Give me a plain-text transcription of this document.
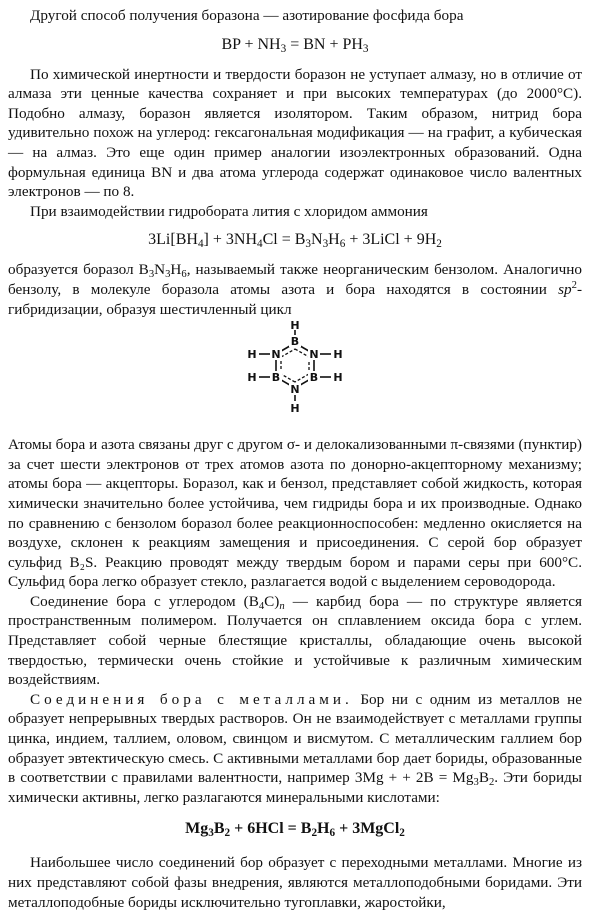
Другой способ получения боразона — азотирование фосфида бора

BP + $NH_3$ = BN + $PH_3$

По химической инертности и твердости боразон не уступает алмазу, но в отличие от алмаза эти ценные качества сохраняет и при высоких температурах (до 2000°С). Подобно алмазу, боразон является изолятором. Таким образом, нитрид бора удивительно похож на углерод: гексагональная модификация — на графит, а кубическая — на алмаз. Это еще один пример аналогии изоэлектронных образований. Одна формульная единица BN и два атома углерода содержат одинаковое число валентных электронов — по 8.

При взаимодействии гидробората лития с хлоридом аммония

$3Li[BH_4] + 3NH_4Cl = B_3N_3H_6$ + 3LiCl + $9H_2$

образуется боразол $B_3N_3H_6$, называемый также неорганическим бензолом. Аналогично бензолу, в молекуле боразола атомы азота и бора находятся в состоянии $sp^2$-гибридизации, образуя шестичленный цикл

B
N	N
B	B
N
H
H	H
H	H
H

Атомы бора и азота связаны друг с другом σ- и делокализованными π-связями (пунктир) за счет шести электронов от трех атомов азота по донорно-акцепторному механизму; атомы бора — акцепторы. Боразол, как и бензол, представляет собой жидкость, которая химически значительно более устойчива, чем гидриды бора и их производные. Однако по сравнению с бензолом боразол более реакционноспособен: медленно окисляется на воздухе, склонен к реакциям замещения и присоединения. С серой бор образует сульфид B₂S. Реакцию проводят между твердым бором и парами серы при 600°С. Сульфид бора легко образует стекло, разлагается водой с выделением сероводорода.

Соединение бора с углеродом $(B_4C)_n$ — карбид бора — по структуре является пространственным полимером. Получается он сплавлением оксида бора с углем. Представляет собой черные блестящие кристаллы, обладающие очень высокой твердостью, термически очень стойкие и устойчивые к различным химическим воздействиям.

Соединения бора с металлами. Бор ни с одним из металлов не образует непрерывных твердых растворов. Он не взаимодействует с металлами группы цинка, индием, таллием, оловом, свинцом и висмутом. С металлическим галлием бор образует эвтектическую смесь. С активными металлами бор дает бориды, образованные в соответствии с правилами валентности, например 3Mg + + $2B = Mg_3B_2$. Эти бориды химически активны, легко разлагаются минеральными кислотами:

$Mg_3B_2 + 6HCl = B_2H_6$ + 3MgCl$_2$

Наибольшее число соединений бор образует с переходными металлами. Многие из них представляют собой фазы внедрения, являются металлоподобными боридами. Эти металлоподобные бориды исключительно тугоплавки, жаростойки,
